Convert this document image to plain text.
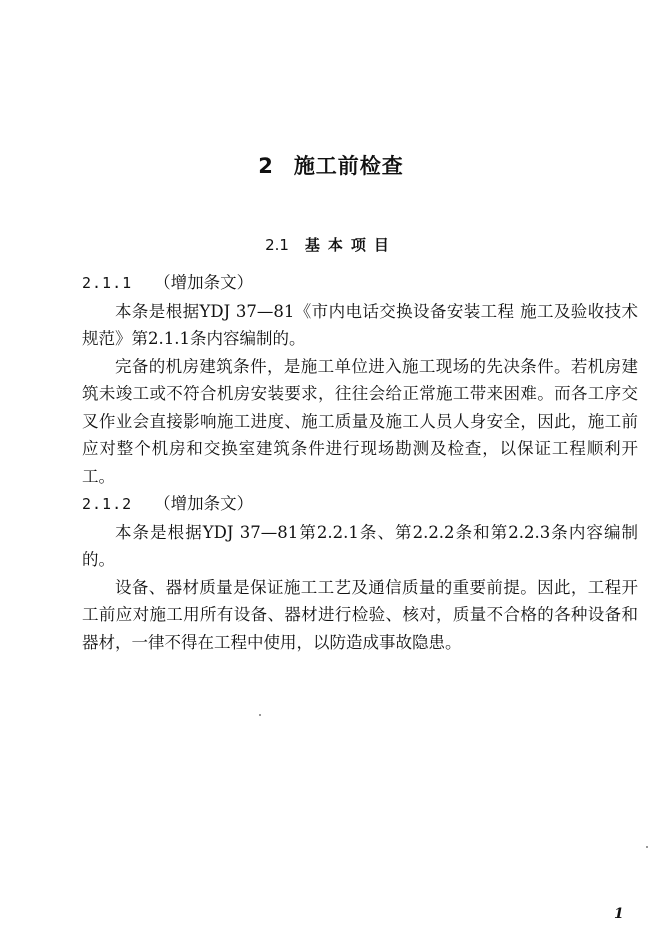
2 施工前检查
2.1 基本项目

2.1.1 （增加条文）

本条是根据YDJ 37—81《市内电话交换设备安装工程 施工及验收技术规范》第2.1.1条内容编制的。

完备的机房建筑条件，是施工单位进入施工现场的先决条件。若机房建筑未竣工或不符合机房安装要求，往往会给正常施工带来困难。而各工序交叉作业会直接影响施工进度、施工质量及施工人员人身安全，因此，施工前应对整个机房和交换室建筑条件进行现场勘测及检查，以保证工程顺利开工。

2.1.2 （增加条文）

本条是根据YDJ 37—81第2.2.1条、第2.2.2条和第2.2.3条内容编制的。

设备、器材质量是保证施工工艺及通信质量的重要前提。因此，工程开工前应对施工用所有设备、器材进行检验、核对，质量不合格的各种设备和器材，一律不得在工程中使用，以防造成事故隐患。

1
